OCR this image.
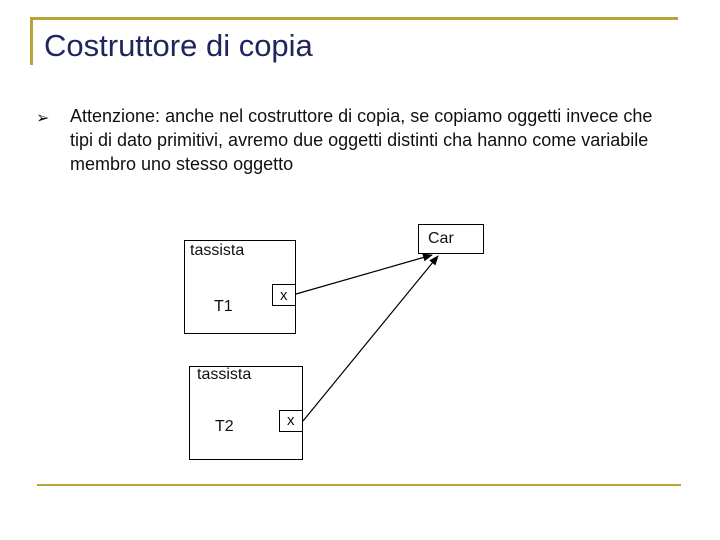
Costruttore di copia
➢ Attenzione: anche nel costruttore di copia, se copiamo oggetti invece che tipi di dato primitivi, avremo due oggetti distinti cha hanno come variabile membro uno stesso oggetto
Car
tassista
T1
x
tassista
T2	x
